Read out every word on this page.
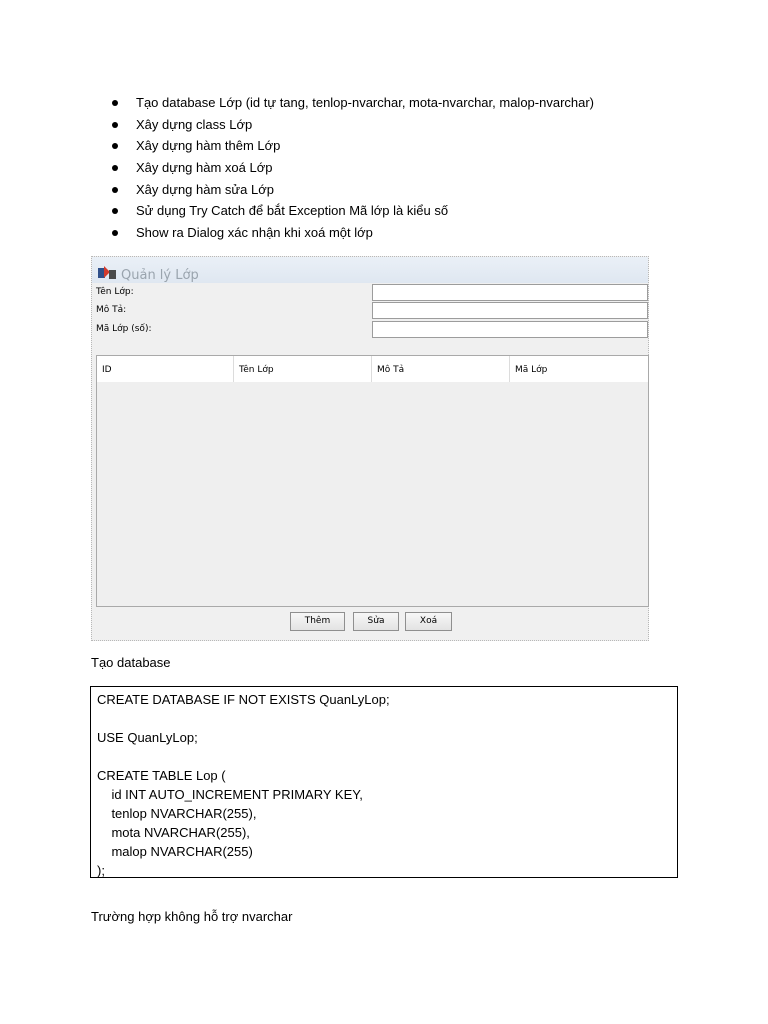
Tạo database Lớp (id tự tang, tenlop-nvarchar, mota-nvarchar, malop-nvarchar)
Xây dựng class Lớp
Xây dựng hàm thêm Lớp
Xây dựng hàm xoá Lớp
Xây dựng hàm sửa Lớp
Sử dụng Try Catch để bắt Exception Mã lớp là kiểu số
Show ra Dialog xác nhận khi xoá một lớp
Quản lý Lớp
Tên Lớp:
Mô Tả:
Mã Lớp (số):
ID	Tên Lớp	Mô Tả	Mã Lớp
Thêm	Sửa	Xoá
Tạo database
CREATE DATABASE IF NOT EXISTS QuanLyLop;
USE QuanLyLop;
CREATE TABLE Lop (
id INT AUTO_INCREMENT PRIMARY KEY,
tenlop NVARCHAR(255),
mota NVARCHAR(255),
malop NVARCHAR(255)
);
Trường hợp không hỗ trợ nvarchar
